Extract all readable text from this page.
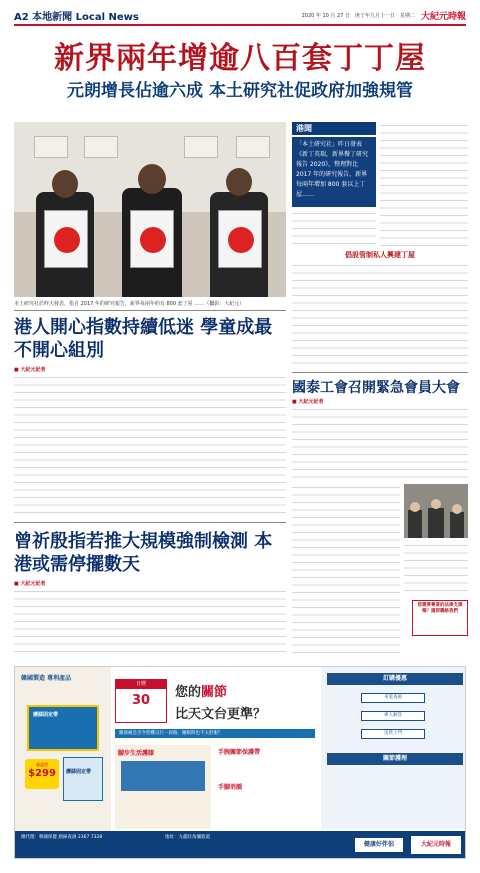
A2 本地新聞 Local News	2020 年 10 月 27 日　庚子年九月十一日　星期二 大紀元時報
新界兩年增逾八百套丁丁屋
元朗增長佔逾六成 本土研究社促政府加強規管
本土研究社於昨天發表，指自 2017 年的研究報告，新界每兩年約有 800 套丁屋 ……（攝影：大紀元）
港聞
「本土研究社」昨日發表《新丁英瑞，新界餐丁研究報告 2020》，整理對比 2017 年的研究報告，新界每兩年增加 800 套以上丁屋……
倡設管制私人興建丁屋
港人開心指數持續低迷 學童成最不開心組別
■ 大紀元記者
曾祈殷指若推大規模強制檢測 本港或需停擺數天
■ 大紀元記者
國泰工會召開緊急會員大會
■ 大紀元記者
您需要專業的法律支援嗎？請即聯絡我們
韓國製造 專利產品
護膝固定帶
優惠價
$299	護膝固定帶
日曆
30
您的關節
比天文台更準？
關節痛是否令您難以行一段路、睡眠時也不太舒服？
腳步生活護膝	手腕關節保護帶
手腳消腫
訂購優惠
來電查詢
專人解答
送貨上門
關節護理
總代理：韓國保健 熱線查詢 2367 7328	地址：九龍旺角彌敦道
健康好伴侶	大紀元時報
